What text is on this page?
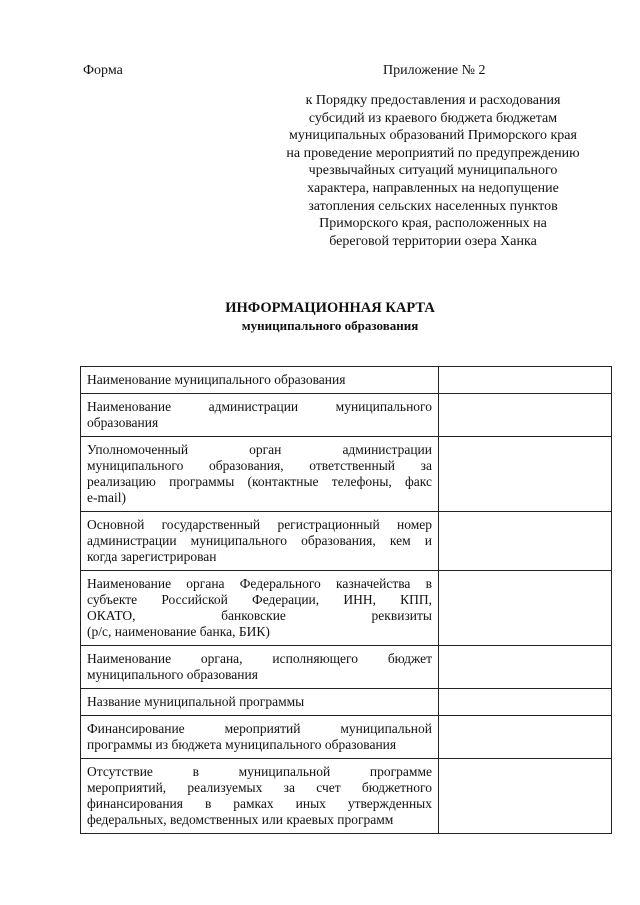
Форма	Приложение № 2
к Порядку предоставления и расходования
субсидий из краевого бюджета бюджетам
муниципальных образований Приморского края
на проведение мероприятий по предупреждению
чрезвычайных ситуаций муниципального
характера, направленных на недопущение
затопления сельских населенных пунктов
Приморского края, расположенных на
береговой территории озера Ханка
ИНФОРМАЦИОННАЯ КАРТА
муниципального образования
Наименование муниципального образования	

Наименование администрации муниципального
образования	

Уполномоченный орган администрации
муниципального образования, ответственный за
реализацию программы (контактные телефоны, факс
e-mail)	

Основной государственный регистрационный номер
администрации муниципального образования, кем и
когда зарегистрирован	

Наименование органа Федерального казначейства в
субъекте Российской Федерации, ИНН, КПП,
ОКАТО, банковские реквизиты
(р/с, наименование банка, БИК)	

Наименование органа, исполняющего бюджет
муниципального образования	

Название муниципальной программы	

Финансирование мероприятий муниципальной
программы из бюджета муниципального образования	

Отсутствие в муниципальной программе
мероприятий, реализуемых за счет бюджетного
финансирования в рамках иных утвержденных
федеральных, ведомственных или краевых программ	
